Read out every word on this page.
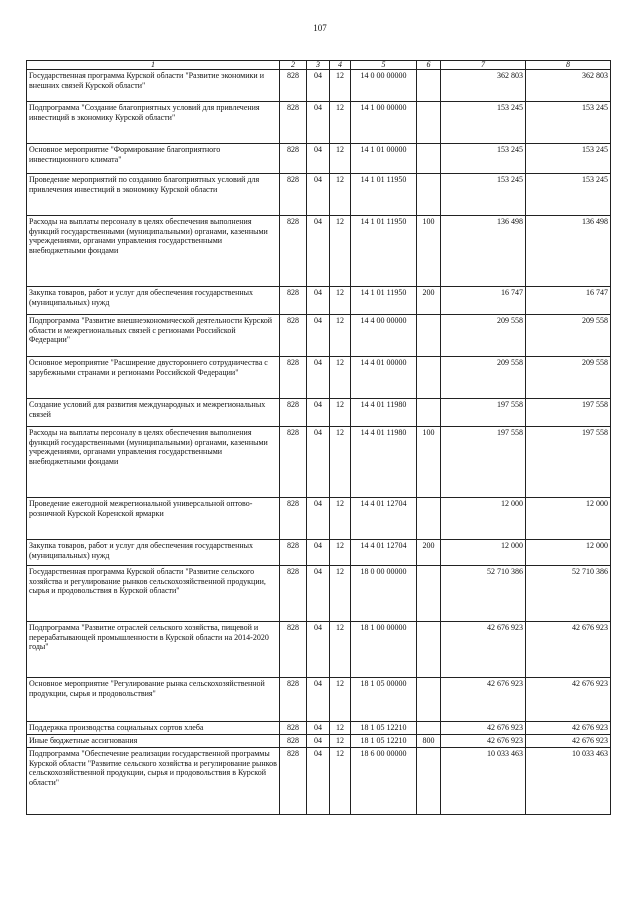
107
1	2	3	4	5	6	7	8
Государственная программа Курской области "Развитие экономики и внешних связей Курской области"	828	04	12	14 0 00 00000		362 803	362 803
Подпрограмма "Создание благоприятных условий для привлечения инвестиций в экономику Курской области"	828	04	12	14 1 00 00000		153 245	153 245
Основное мероприятие "Формирование благоприятного инвестиционного климата"	828	04	12	14 1 01 00000		153 245	153 245
Проведение мероприятий по созданию благоприятных условий для привлечения инвестиций в экономику Курской области	828	04	12	14 1 01 11950		153 245	153 245
Расходы на выплаты персоналу в целях обеспечения выполнения функций государственными (муниципальными) органами, казенными учреждениями, органами управления государственными внебюджетными фондами	828	04	12	14 1 01 11950	100	136 498	136 498
Закупка товаров, работ и услуг для обеспечения государственных (муниципальных) нужд	828	04	12	14 1 01 11950	200	16 747	16 747
Подпрограмма "Развитие внешнеэкономической деятельности Курской области и межрегиональных связей с регионами Российской Федерации"	828	04	12	14 4 00 00000		209 558	209 558
Основное мероприятие "Расширение двустороннего сотрудничества с зарубежными странами и регионами Российской Федерации"	828	04	12	14 4 01 00000		209 558	209 558
Создание условий для развития международных и межрегиональных связей	828	04	12	14 4 01 11980		197 558	197 558
Расходы на выплаты персоналу в целях обеспечения выполнения функций государственными (муниципальными) органами, казенными учреждениями, органами управления государственными внебюджетными фондами	828	04	12	14 4 01 11980	100	197 558	197 558
Проведение ежегодной межрегиональной универсальной оптово-розничной Курской Коренской ярмарки	828	04	12	14 4 01 12704		12 000	12 000
Закупка товаров, работ и услуг для обеспечения государственных (муниципальных) нужд	828	04	12	14 4 01 12704	200	12 000	12 000
Государственная программа Курской области "Развитие сельского хозяйства и регулирование рынков сельскохозяйственной продукции, сырья и продовольствия в Курской области"	828	04	12	18 0 00 00000		52 710 386	52 710 386
Подпрограмма "Развитие отраслей сельского хозяйства, пищевой и перерабатывающей промышленности в Курской области на 2014-2020 годы"	828	04	12	18 1 00 00000		42 676 923	42 676 923
Основное мероприятие "Регулирование рынка сельскохозяйственной продукции, сырья и продовольствия"	828	04	12	18 1 05 00000		42 676 923	42 676 923
Поддержка производства социальных сортов хлеба	828	04	12	18 1 05 12210		42 676 923	42 676 923
Иные бюджетные ассигнования	828	04	12	18 1 05 12210	800	42 676 923	42 676 923
Подпрограмма "Обеспечение реализации государственной программы Курской области "Развитие сельского хозяйства и регулирование рынков сельскохозяйственной продукции, сырья и продовольствия в Курской области"	828	04	12	18 6 00 00000		10 033 463	10 033 463
